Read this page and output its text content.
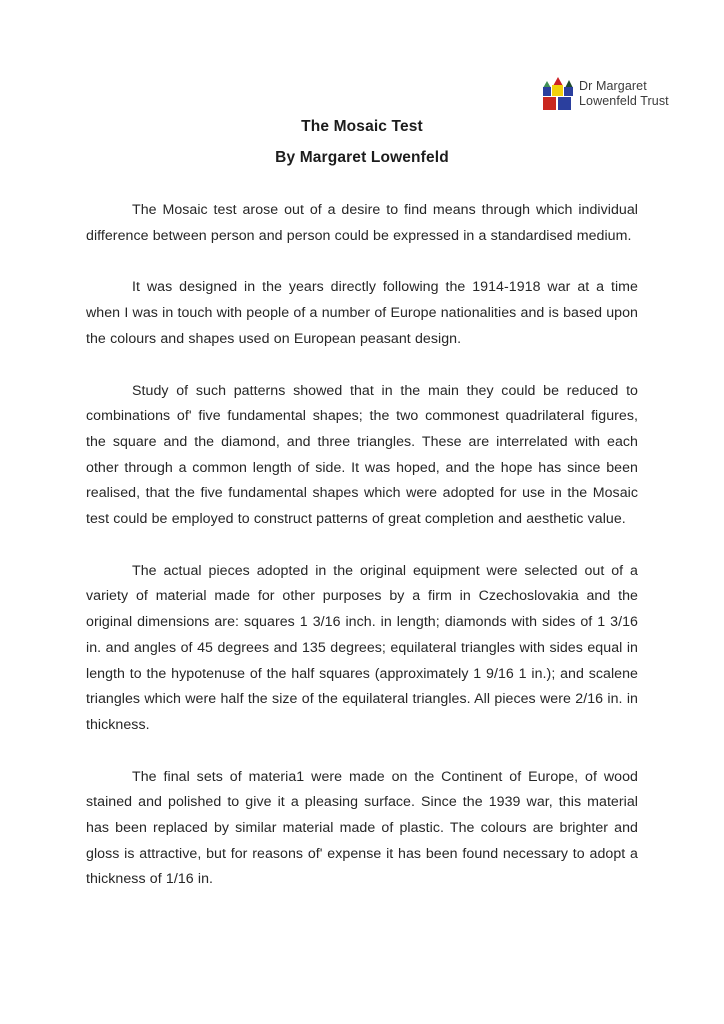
Dr Margaret
Lowenfeld Trust
The Mosaic Test
By Margaret Lowenfeld

The Mosaic test arose out of a desire to find means through which individual difference between person and person could be expressed in a standardised medium.

It was designed in the years directly following the 1914-1918 war at a time when I was in touch with people of a number of Europe nationalities and is based upon the colours and shapes used on European peasant design.

Study of such patterns showed that in the main they could be reduced to combinations of' five fundamental shapes; the two commonest quadrilateral figures, the square and the diamond, and three triangles. These are interrelated with each other through a common length of side. It was hoped, and the hope has since been realised, that the five fundamental shapes which were adopted for use in the Mosaic test could be employed to construct patterns of great completion and aesthetic value.

The actual pieces adopted in the original equipment were selected out of a variety of material made for other purposes by a firm in Czechoslovakia and the original dimensions are: squares 1 3/16 inch. in length; diamonds with sides of 1 3/16 in. and angles of 45 degrees and 135 degrees; equilateral triangles with sides equal in length to the hypotenuse of the half squares (approximately 1 9/16 1 in.); and scalene triangles which were half the size of the equilateral triangles. All pieces were 2/16 in. in thickness.

The final sets of materia1 were made on the Continent of Europe, of wood stained and polished to give it a pleasing surface. Since the 1939 war, this material has been replaced by similar material made of plastic. The colours are brighter and gloss is attractive, but for reasons of' expense it has been found necessary to adopt a thickness of 1/16 in.
